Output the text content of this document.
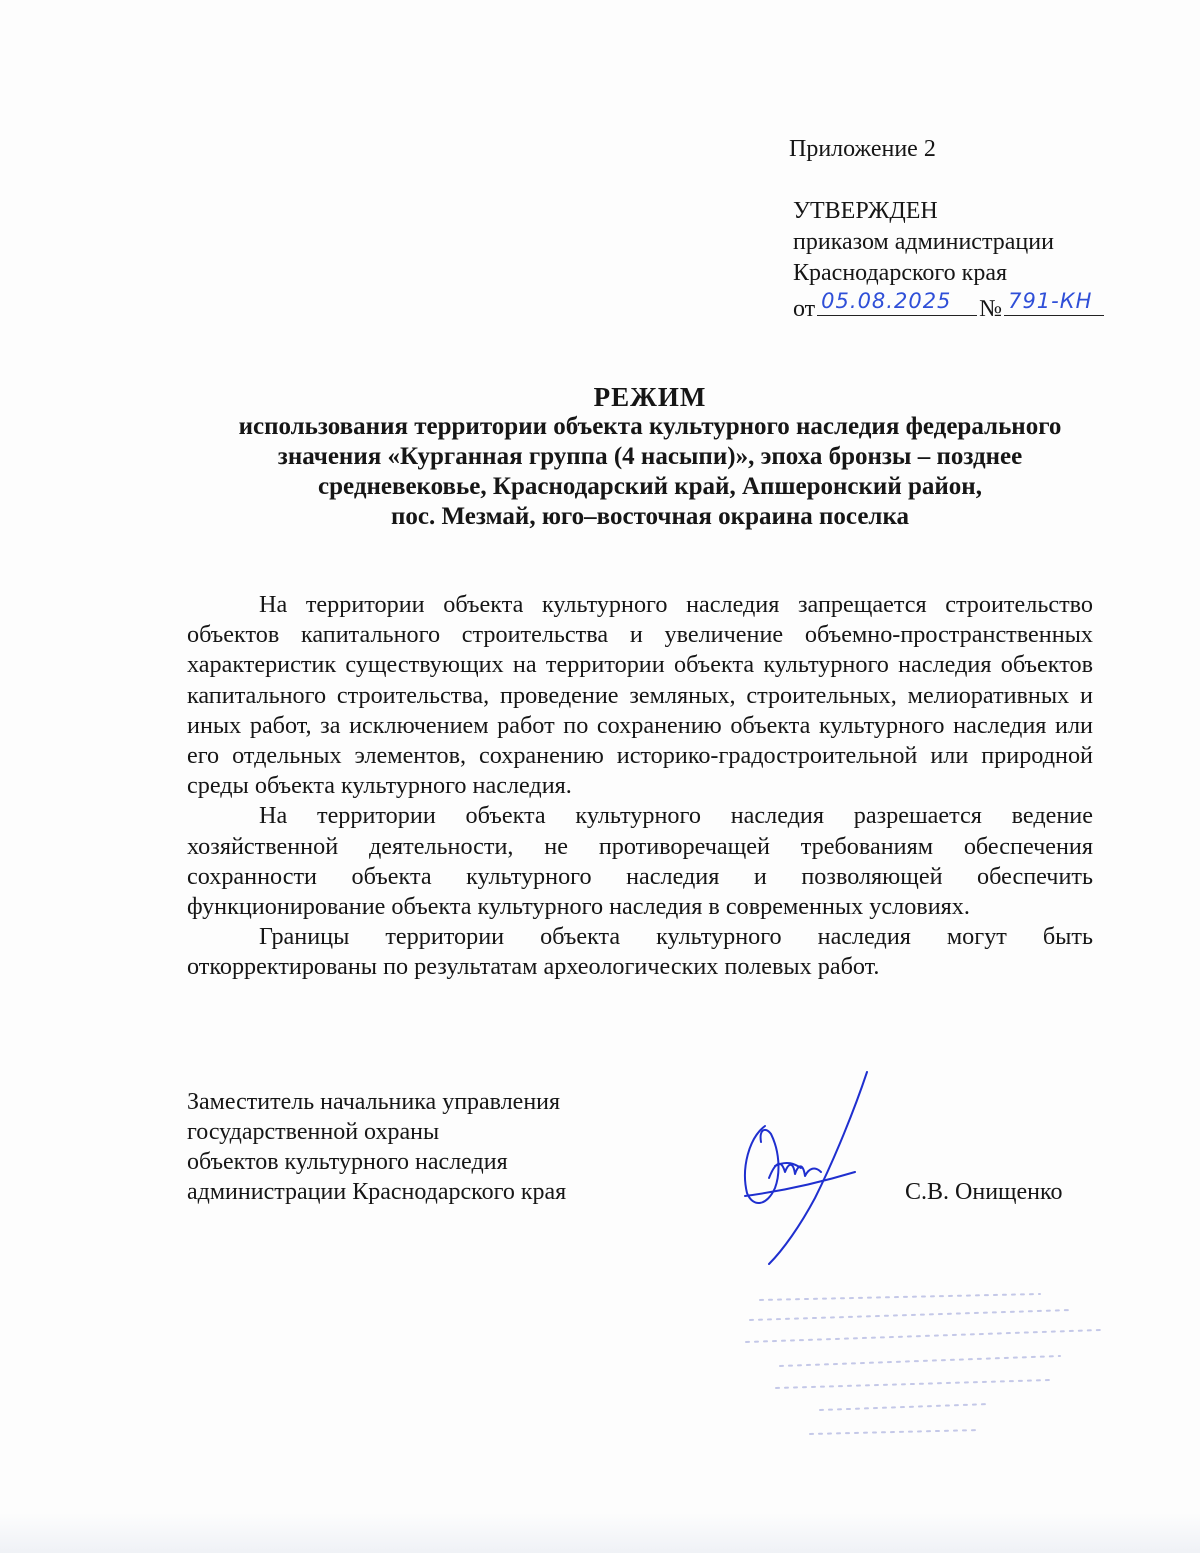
Приложение 2

УТВЕРЖДЕН
приказом администрации
Краснодарского края
от 05.08.2025 № 791-КН
РЕЖИМ
использования территории объекта культурного наследия федерального
значения «Курганная группа (4 насыпи)», эпоха бронзы – позднее
средневековье, Краснодарский край, Апшеронский район,
пос. Мезмай, юго–восточная окраина поселка

На территории объекта культурного наследия запрещается строительство объектов капитального строительства и увеличение объемно-пространственных характеристик существующих на территории объекта культурного наследия объектов капитального строительства, проведение земляных, строительных, мелиоративных и иных работ, за исключением работ по сохранению объекта культурного наследия или его отдельных элементов, сохранению историко-градостроительной или природной среды объекта культурного наследия.

На территории объекта культурного наследия разрешается ведение хозяйственной деятельности, не противоречащей требованиям обеспечения сохранности объекта культурного наследия и позволяющей обеспечить функционирование объекта культурного наследия в современных условиях.

Границы территории объекта культурного наследия могут быть откорректированы по результатам археологических полевых работ.

Заместитель начальника управления
государственной охраны
объектов культурного наследия
администрации Краснодарского края	С.В. Онищенко
